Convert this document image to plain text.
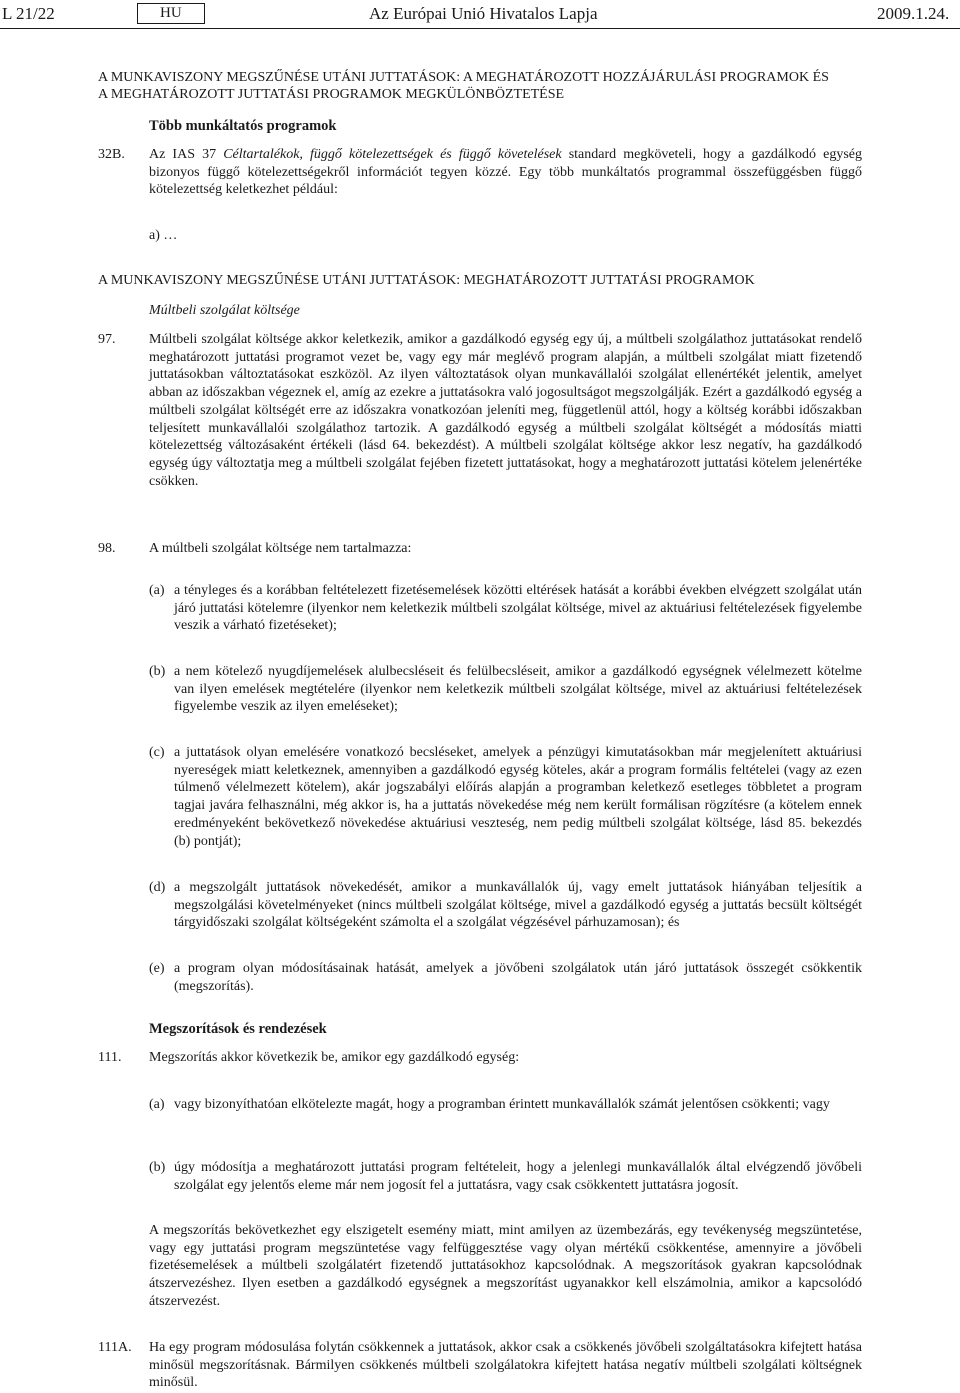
L 21/22	HU	Az Európai Unió Hivatalos Lapja	2009.1.24.
A MUNKAVISZONY MEGSZŰNÉSE UTÁNI JUTTATÁSOK: A MEGHATÁROZOTT HOZZÁJÁRULÁSI PROGRAMOK ÉS
A MEGHATÁROZOTT JUTTATÁSI PROGRAMOK MEGKÜLÖNBÖZTETÉSE
Több munkáltatós programok
32B. Az IAS 37 Céltartalékok, függő kötelezettségek és függő követelések standard megköveteli, hogy a gazdálkodó egység bizonyos függő kötelezettségekről információt tegyen közzé. Egy több munkáltatós programmal összefüggésben függő kötelezettség keletkezhet például:
a) …
A MUNKAVISZONY MEGSZŰNÉSE UTÁNI JUTTATÁSOK: MEGHATÁROZOTT JUTTATÁSI PROGRAMOK
Múltbeli szolgálat költsége
97. Múltbeli szolgálat költsége akkor keletkezik, amikor a gazdálkodó egység egy új, a múltbeli szolgálathoz juttatásokat rendelő meghatározott juttatási programot vezet be, vagy egy már meglévő program alapján, a múltbeli szolgálat miatt fizetendő juttatásokban változtatásokat eszközöl. Az ilyen változtatások olyan munkavállalói szolgálat ellenértékét jelentik, amelyet abban az időszakban végeznek el, amíg az ezekre a juttatásokra való jogosultságot megszolgálják. Ezért a gazdálkodó egység a múltbeli szolgálat költségét erre az időszakra vonatkozóan jeleníti meg, függetlenül attól, hogy a költség korábbi időszakban teljesített munkavállalói szolgálathoz tartozik. A gazdálkodó egység a múltbeli szolgálat költségét a módosítás miatti kötelezettség változásaként értékeli (lásd 64. bekezdést). A múltbeli szolgálat költsége akkor lesz negatív, ha gazdálkodó egység úgy változtatja meg a múltbeli szolgálat fejében fizetett juttatásokat, hogy a meghatározott juttatási kötelem jelenértéke csökken.
98. A múltbeli szolgálat költsége nem tartalmazza:
(a) a tényleges és a korábban feltételezett fizetésemelések közötti eltérések hatását a korábbi években elvégzett szolgálat után járó juttatási kötelemre (ilyenkor nem keletkezik múltbeli szolgálat költsége, mivel az aktuáriusi feltételezések figyelembe veszik a várható fizetéseket);
(b) a nem kötelező nyugdíjemelések alulbecsléseit és felülbecsléseit, amikor a gazdálkodó egységnek vélelmezett kötelme van ilyen emelések megtételére (ilyenkor nem keletkezik múltbeli szolgálat költsége, mivel az aktuáriusi feltételezések figyelembe veszik az ilyen emeléseket);
(c) a juttatások olyan emelésére vonatkozó becsléseket, amelyek a pénzügyi kimutatásokban már megjelenített aktuáriusi nyereségek miatt keletkeznek, amennyiben a gazdálkodó egység köteles, akár a program formális feltételei (vagy az ezen túlmenő vélelmezett kötelem), akár jogszabályi előírás alapján a programban keletkező esetleges többletet a program tagjai javára felhasználni, még akkor is, ha a juttatás növekedése még nem került formálisan rögzítésre (a kötelem ennek eredményeként bekövetkező növekedése aktuáriusi veszteség, nem pedig múltbeli szolgálat költsége, lásd 85. bekezdés (b) pontját);
(d) a megszolgált juttatások növekedését, amikor a munkavállalók új, vagy emelt juttatások hiányában teljesítik a megszolgálási követelményeket (nincs múltbeli szolgálat költsége, mivel a gazdálkodó egység a juttatás becsült költségét tárgyidőszaki szolgálat költségeként számolta el a szolgálat végzésével párhuzamosan); és
(e) a program olyan módosításainak hatását, amelyek a jövőbeni szolgálatok után járó juttatások összegét csökkentik (megszorítás).
Megszorítások és rendezések
111. Megszorítás akkor következik be, amikor egy gazdálkodó egység:
(a) vagy bizonyíthatóan elkötelezte magát, hogy a programban érintett munkavállalók számát jelentősen csökkenti; vagy
(b) úgy módosítja a meghatározott juttatási program feltételeit, hogy a jelenlegi munkavállalók által elvégzendő jövőbeli szolgálat egy jelentős eleme már nem jogosít fel a juttatásra, vagy csak csökkentett juttatásra jogosít.
A megszorítás bekövetkezhet egy elszigetelt esemény miatt, mint amilyen az üzembezárás, egy tevékenység megszüntetése, vagy egy juttatási program megszüntetése vagy felfüggesztése vagy olyan mértékű csökkentése, amennyire a jövőbeli fizetésemelések a múltbeli szolgálatért fizetendő juttatásokhoz kapcsolódnak. A megszorítások gyakran kapcsolódnak átszervezéshez. Ilyen esetben a gazdálkodó egységnek a megszorítást ugyanakkor kell elszámolnia, amikor a kapcsolódó átszervezést.
111A. Ha egy program módosulása folytán csökkennek a juttatások, akkor csak a csökkenés jövőbeli szolgáltatásokra kifejtett hatása minősül megszorításnak. Bármilyen csökkenés múltbeli szolgálatokra kifejtett hatása negatív múltbeli szolgálati költségnek minősül.
